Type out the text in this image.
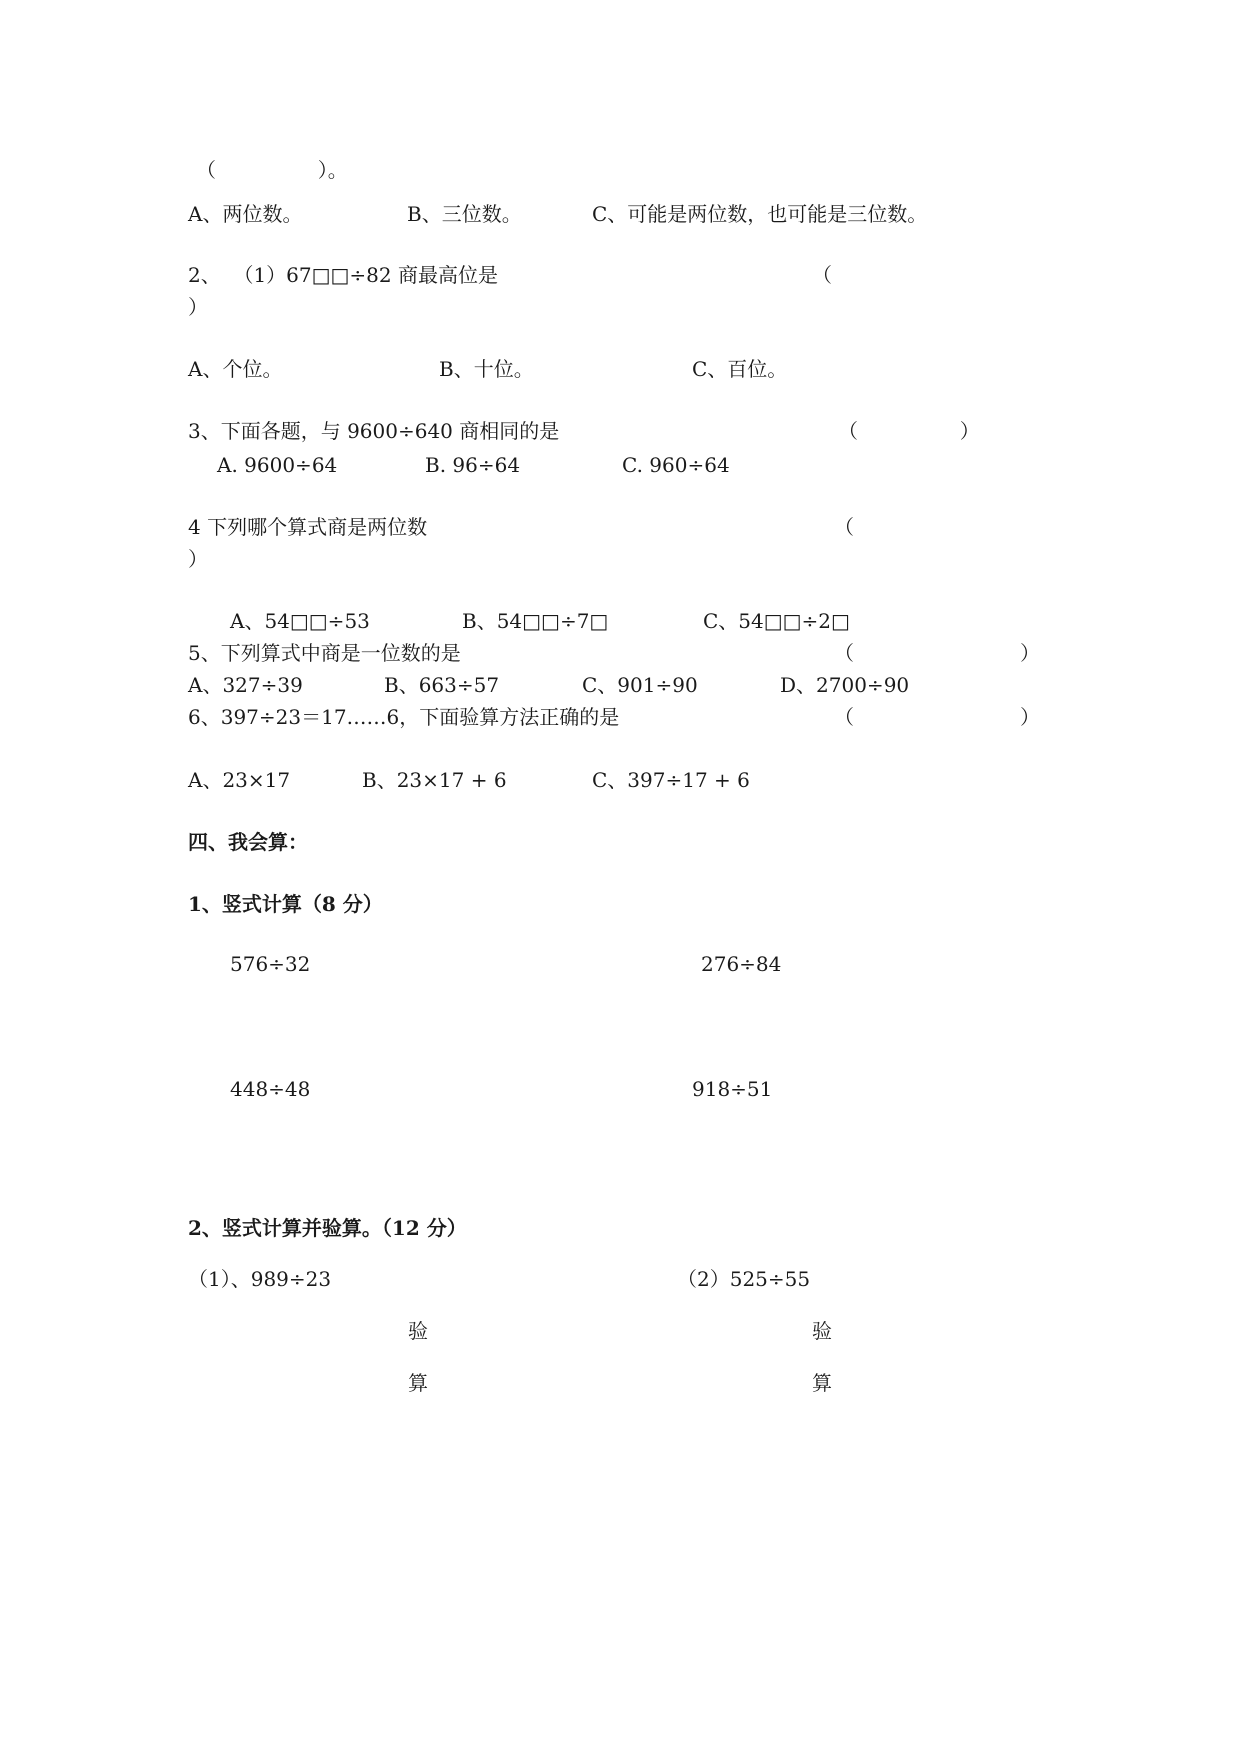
（                ）。
A、两位数。	B、三位数。	C、可能是两位数，也可能是三位数。
2、  （1）67□□÷82 商最高位是	（
）
A、个位。	B、十位。	C、百位。
3、下面各题，与 9600÷640 商相同的是	（                ）
A. 9600÷64	B. 96÷64	C. 960÷64
4 下列哪个算式商是两位数	（
）
A、54□□÷53	B、54□□÷7□	C、54□□÷2□
5、下列算式中商是一位数的是	（	）
A、327÷39	B、663÷57	C、901÷90	D、2700÷90
6、397÷23＝17……6，下面验算方法正确的是	（	）
A、23×17	B、23×17 + 6	C、397÷17 + 6
四、我会算：
1、竖式计算（8 分）
576÷32	276÷84
448÷48	918÷51
2、竖式计算并验算。（12 分）
（1）、989÷23	（2）525÷55
验
算
验
算
